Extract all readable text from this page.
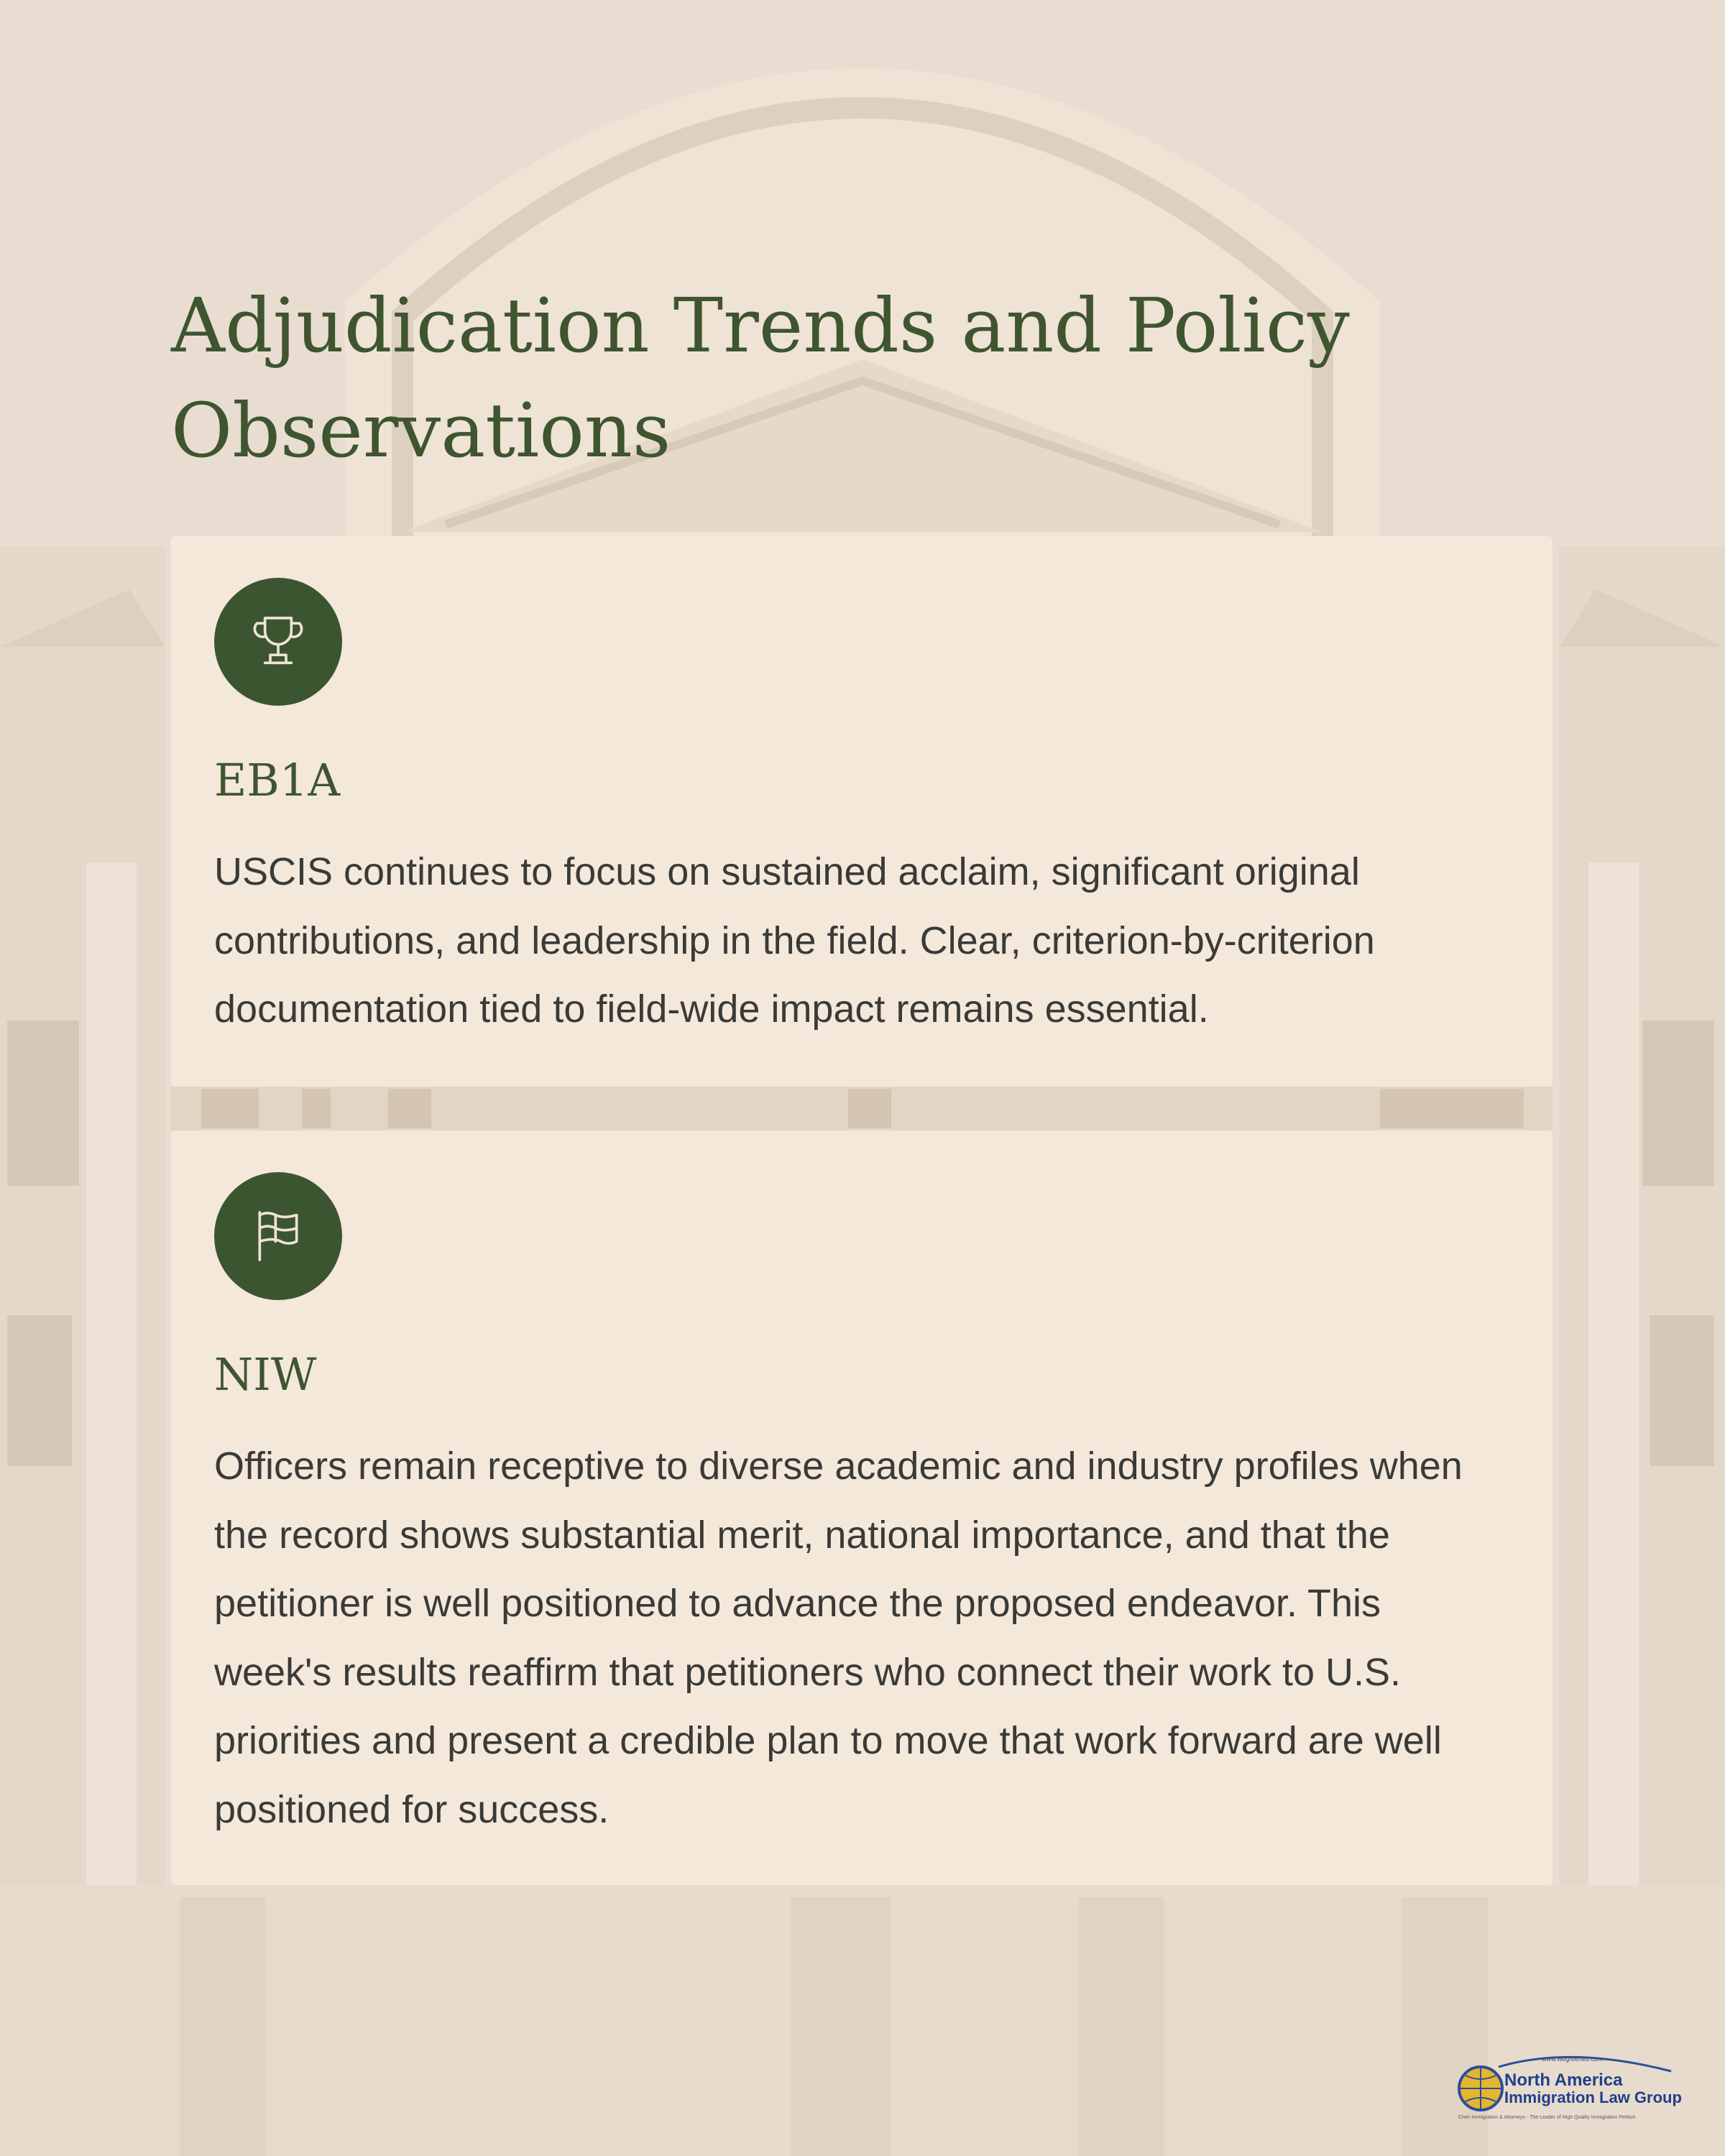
Adjudication Trends and Policy Observations
EB1A

USCIS continues to focus on sustained acclaim, significant original contributions, and leadership in the field. Clear, criterion-by-criterion documentation tied to field-wide impact remains essential.

NIW

Officers remain receptive to diverse academic and industry profiles when the record shows substantial merit, national importance, and that the petitioner is well positioned to advance the proposed endeavor. This week's results reaffirm that petitioners who connect their work to U.S. priorities and present a credible plan to move that work forward are well positioned for success.

www.wegreened.com
North America
Immigration Law Group
Chen Immigration & Attorneys - The Leader of High Quality Immigration Petition
